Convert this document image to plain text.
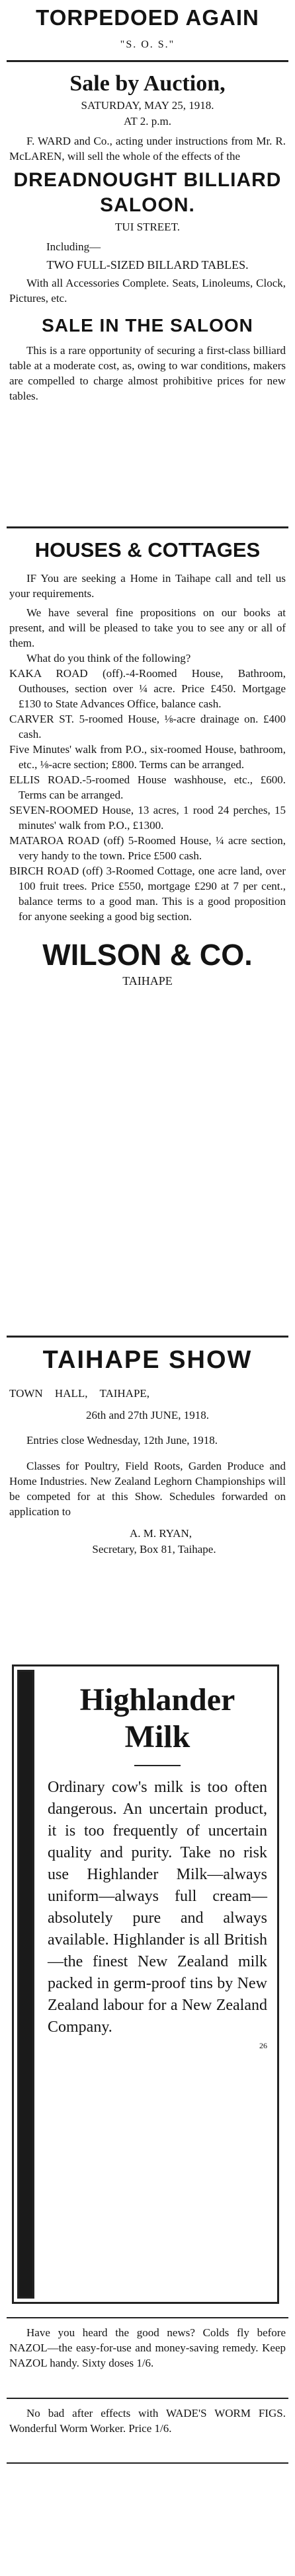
TORPEDOED AGAIN
"S. O. S."
Sale by Auction,
SATURDAY, MAY 25, 1918.
AT 2. p.m.

F. WARD and Co., acting under instructions from Mr. R. McLAREN, will sell the whole of the effects of the

DREADNOUGHT BILLIARD SALOON.
TUI STREET.

Including—

TWO FULL-SIZED BILLARD TABLES.

With all Accessories Complete. Seats, Linoleums, Clock, Pictures, etc.

SALE IN THE SALOON

This is a rare opportunity of securing a first-class billiard table at a moderate cost, as, owing to war conditions, makers are compelled to charge almost prohibitive prices for new tables.

HOUSES & COTTAGES

IF You are seeking a Home in Taihape call and tell us your requirements.

We have several fine propositions on our books at present, and will be pleased to take you to see any or all of them.

What do you think of the following?

KAKA ROAD (off).-4-Roomed House, Bathroom, Outhouses, section over ¼ acre. Price £450. Mortgage £130 to State Advances Office, balance cash.

CARVER ST. 5-roomed House, ⅛-acre drainage on. £400 cash.

Five Minutes' walk from P.O., six-roomed House, bathroom, etc., ⅛-acre section; £800. Terms can be arranged.

ELLIS ROAD.-5-roomed House washhouse, etc., £600. Terms can be arranged.

SEVEN-ROOMED House, 13 acres, 1 rood 24 perches, 15 minutes' walk from P.O., £1300.

MATAROA ROAD (off) 5-Roomed House, ¼ acre section, very handy to the town. Price £500 cash.

BIRCH ROAD (off) 3-Roomed Cottage, one acre land, over 100 fruit trees. Price £550, mortgage £290 at 7 per cent., balance terms to a good man. This is a good proposition for anyone seeking a good big section.

WILSON & CO.
TAIHAPE
TAIHAPE SHOW

TOWN HALL, TAIHAPE,

26th and 27th JUNE, 1918.

Entries close Wednesday, 12th June, 1918.

Classes for Poultry, Field Roots, Garden Produce and Home Industries. New Zealand Leghorn Championships will be competed for at this Show. Schedules forwarded on application to

A. M. RYAN,
Secretary, Box 81, Taihape.
Highlander
Milk
Ordinary cow's milk is too often dangerous. An uncertain product, it is too frequently of uncertain quality and purity. Take no risk use Highlander Milk—always uniform—always full cream—absolutely pure and always available. Highlander is all British—the finest New Zealand milk packed in germ-proof tins by New Zealand labour for a New Zealand Company.
26

Have you heard the good news? Colds fly before NAZOL—the easy-for-use and money-saving remedy. Keep NAZOL handy. Sixty doses 1/6.

No bad after effects with WADE'S WORM FIGS. Wonderful Worm Worker. Price 1/6.
